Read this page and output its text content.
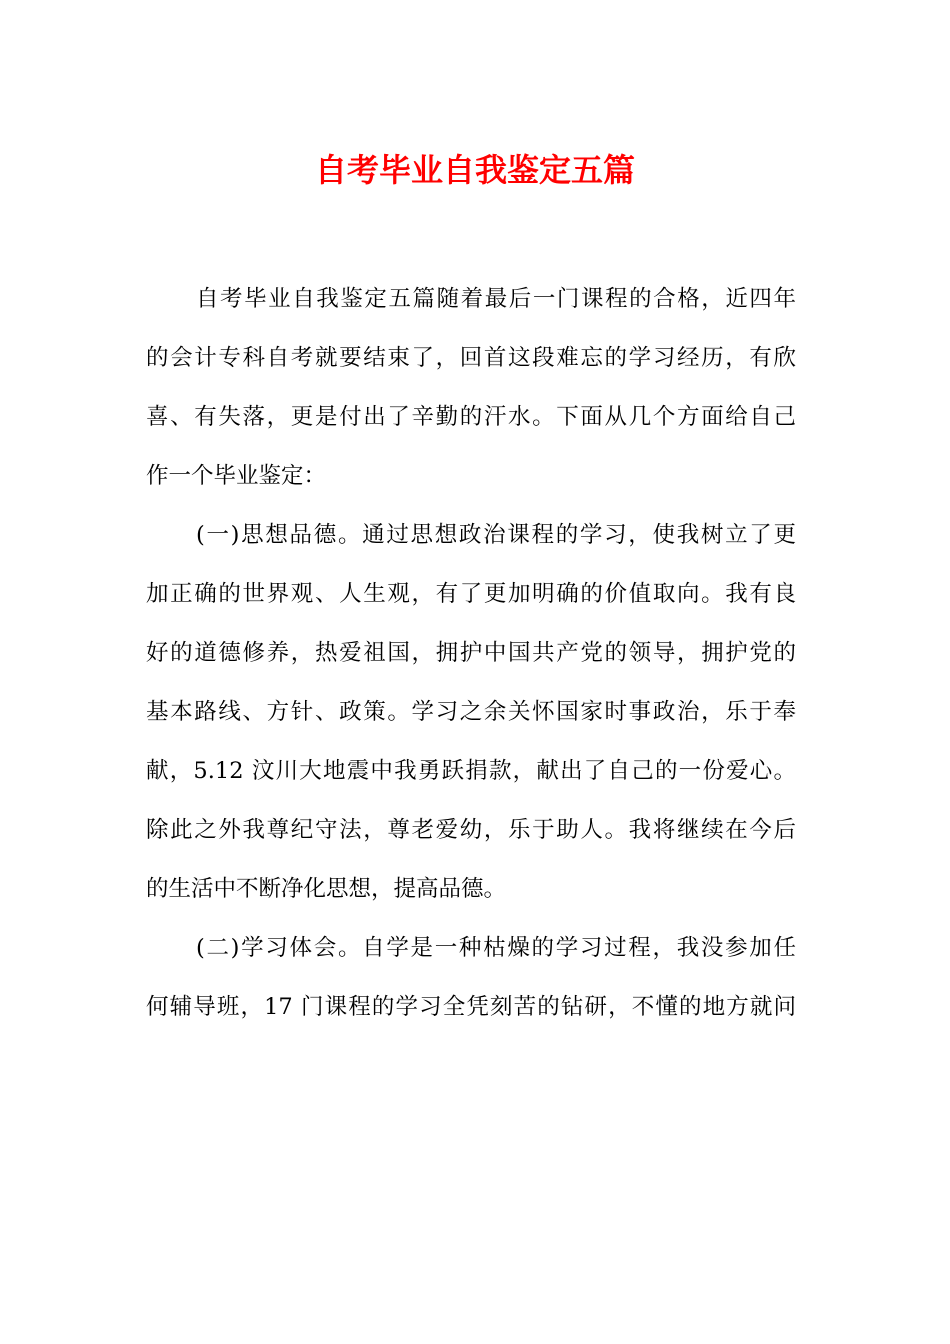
自考毕业自我鉴定五篇
自考毕业自我鉴定五篇随着最后一门课程的合格，近四年
的会计专科自考就要结束了，回首这段难忘的学习经历，有欣
喜、有失落，更是付出了辛勤的汗水。下面从几个方面给自己
作一个毕业鉴定：
(一)思想品德。通过思想政治课程的学习，使我树立了更
加正确的世界观、人生观，有了更加明确的价值取向。我有良
好的道德修养，热爱祖国，拥护中国共产党的领导，拥护党的
基本路线、方针、政策。学习之余关怀国家时事政治，乐于奉
献，5.12 汶川大地震中我勇跃捐款，献出了自己的一份爱心。
除此之外我尊纪守法，尊老爱幼，乐于助人。我将继续在今后
的生活中不断净化思想，提高品德。
(二)学习体会。自学是一种枯燥的学习过程，我没参加任
何辅导班，17 门课程的学习全凭刻苦的钻研，不懂的地方就问
